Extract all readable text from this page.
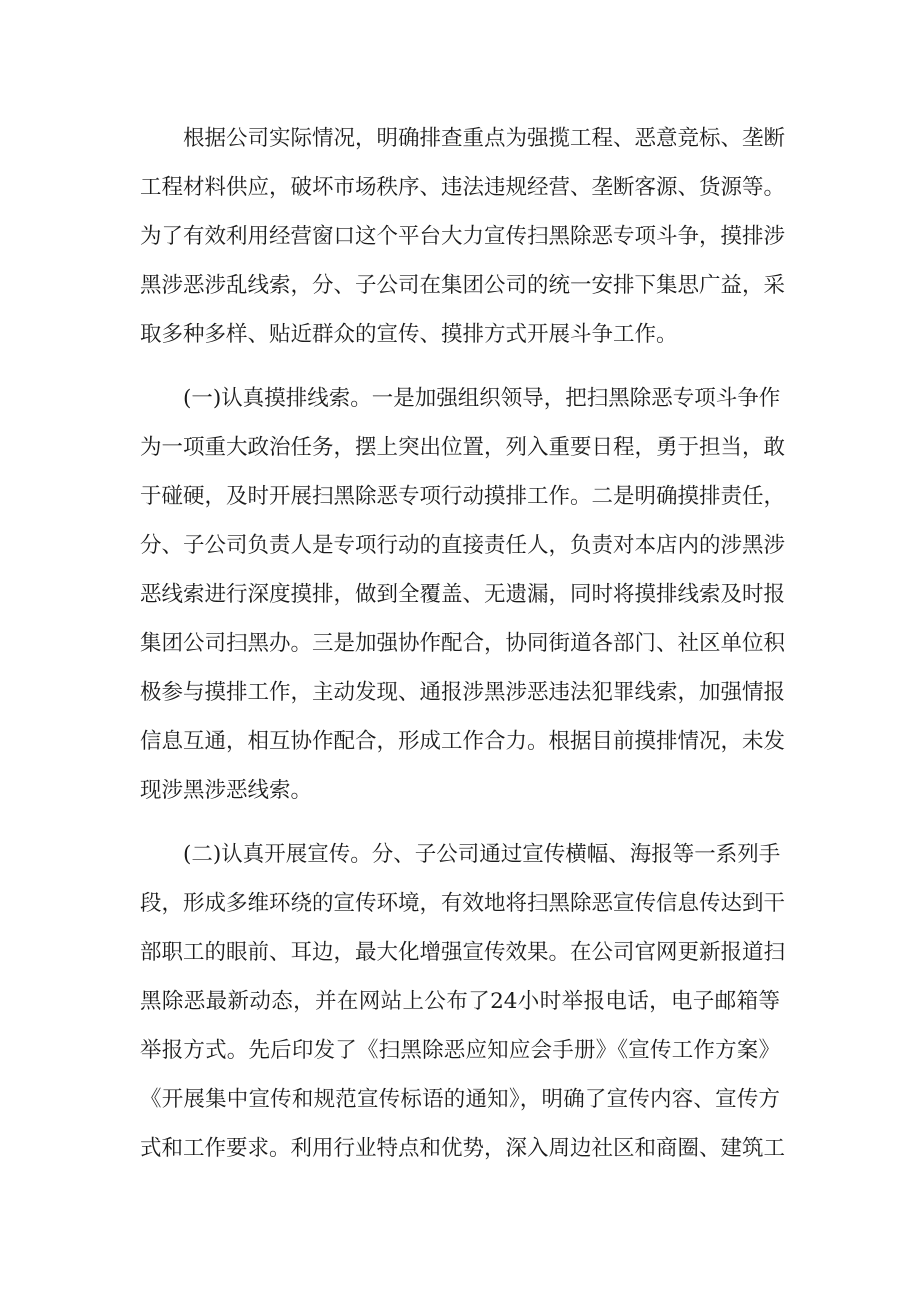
根据公司实际情况，明确排查重点为强揽工程、恶意竞标、垄断
工程材料供应，破坏市场秩序、违法违规经营、垄断客源、货源等。
为了有效利用经营窗口这个平台大力宣传扫黑除恶专项斗争，摸排涉
黑涉恶涉乱线索，分、子公司在集团公司的统一安排下集思广益，采
取多种多样、贴近群众的宣传、摸排方式开展斗争工作。
(一)认真摸排线索。一是加强组织领导，把扫黑除恶专项斗争作
为一项重大政治任务，摆上突出位置，列入重要日程，勇于担当，敢
于碰硬，及时开展扫黑除恶专项行动摸排工作。二是明确摸排责任，
分、子公司负责人是专项行动的直接责任人，负责对本店内的涉黑涉
恶线索进行深度摸排，做到全覆盖、无遗漏，同时将摸排线索及时报
集团公司扫黑办。三是加强协作配合，协同街道各部门、社区单位积
极参与摸排工作，主动发现、通报涉黑涉恶违法犯罪线索，加强情报
信息互通，相互协作配合，形成工作合力。根据目前摸排情况，未发
现涉黑涉恶线索。
(二)认真开展宣传。分、子公司通过宣传横幅、海报等一系列手
段，形成多维环绕的宣传环境，有效地将扫黑除恶宣传信息传达到干
部职工的眼前、耳边，最大化增强宣传效果。在公司官网更新报道扫
黑除恶最新动态，并在网站上公布了24小时举报电话，电子邮箱等
举报方式。先后印发了《扫黑除恶应知应会手册》《宣传工作方案》
《开展集中宣传和规范宣传标语的通知》，明确了宣传内容、宣传方
式和工作要求。利用行业特点和优势，深入周边社区和商圈、建筑工
